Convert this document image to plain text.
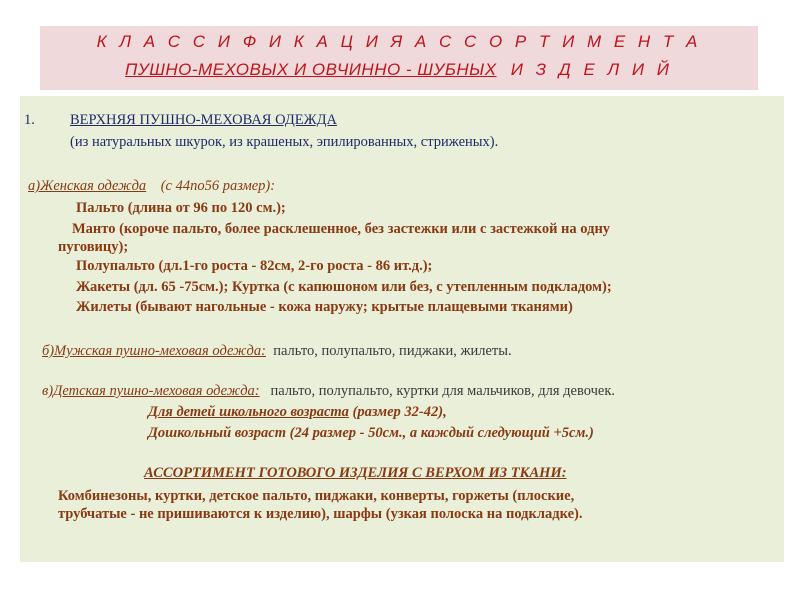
К Л А С С И Ф И К А Ц И Я А С С О Р Т И М Е Н Т А
ПУШНО-МЕХОВЫХ И ОВЧИННО - ШУБНЫХ И З Д Е Л И Й
1. ВЕРХНЯЯ ПУШНО-МЕХОВАЯ ОДЕЖДА
(из натуральных шкурок, из крашеных, эпилированных, стриженых).
а)Женская одежда (с 44по56 размер):
Пальто (длина от 96 по 120 см.);
Манто (короче пальто, более расклешенное, без застежки или с застежкой на одну
пуговицу);
Полупальто (дл.1-го роста - 82см, 2-го роста - 86 ит.д.);
Жакеты (дл. 65 -75см.); Куртка (с капюшоном или без, с утепленным подкладом);
Жилеты (бывают нагольные - кожа наружу; крытые плащевыми тканями)
б)Мужская пушно-меховая одежда: пальто, полупальто, пиджаки, жилеты.
в)Детская пушно-меховая одежда: пальто, полупальто, куртки для мальчиков, для девочек.
Для детей школьного возраста (размер 32-42),
Дошкольный возраст (24 размер - 50см., а каждый следующий +5см.)
АССОРТИМЕНТ ГОТОВОГО ИЗДЕЛИЯ С ВЕРХОМ ИЗ ТКАНИ:
Комбинезоны, куртки, детское пальто, пиджаки, конверты, горжеты (плоские,
трубчатые - не пришиваются к изделию), шарфы (узкая полоска на подкладке).
